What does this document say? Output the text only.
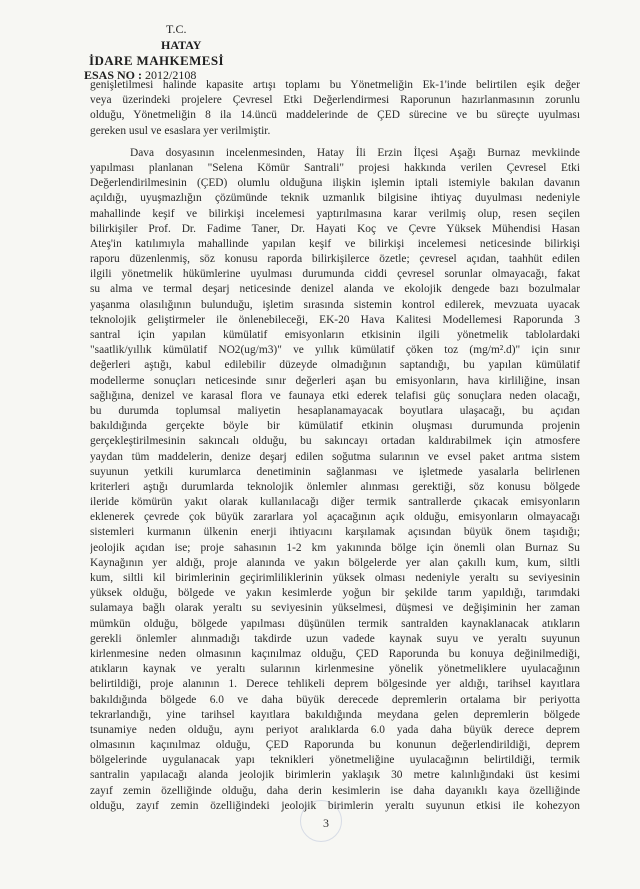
T.C.
HATAY
İDARE MAHKEMESİ
ESAS NO : 2012/2108
genişletilmesi halinde kapasite artışı toplamı bu Yönetmeliğin Ek-1'inde belirtilen eşik değer
veya üzerindeki projelere Çevresel Etki Değerlendirmesi Raporunun hazırlanmasının zorunlu
olduğu, Yönetmeliğin 8 ila 14.üncü maddelerinde de ÇED sürecine ve bu süreçte uyulması
gereken usul ve esaslara yer verilmiştir.
Dava dosyasının incelenmesinden, Hatay İli Erzin İlçesi Aşağı Burnaz mevkiinde
yapılması planlanan "Selena Kömür Santrali" projesi hakkında verilen Çevresel Etki
Değerlendirilmesinin (ÇED) olumlu olduğuna ilişkin işlemin iptali istemiyle bakılan davanın
açıldığı, uyuşmazlığın çözümünde teknik uzmanlık bilgisine ihtiyaç duyulması nedeniyle
mahallinde keşif ve bilirkişi incelemesi yaptırılmasına karar verilmiş olup, resen seçilen
bilirkişiler Prof. Dr. Fadime Taner, Dr. Hayati Koç ve Çevre Yüksek Mühendisi Hasan
Ateş'in katılımıyla mahallinde yapılan keşif ve bilirkişi incelemesi neticesinde bilirkişi
raporu düzenlenmiş, söz konusu raporda bilirkişilerce özetle; çevresel açıdan, taahhüt edilen
ilgili yönetmelik hükümlerine uyulması durumunda ciddi çevresel sorunlar olmayacağı, fakat
su alma ve termal deşarj neticesinde denizel alanda ve ekolojik dengede bazı bozulmalar
yaşanma olasılığının bulunduğu, işletim sırasında sistemin kontrol edilerek, mevzuata uyacak
teknolojik geliştirmeler ile önlenebileceği, EK-20 Hava Kalitesi Modellemesi Raporunda 3
santral için yapılan kümülatif emisyonların etkisinin ilgili yönetmelik tablolardaki
"saatlik/yıllık kümülatif NO2(ug/m3)" ve yıllık kümülatif çöken toz (mg/m².d)" için sınır
değerleri aştığı, kabul edilebilir düzeyde olmadığının saptandığı, bu yapılan kümülatif
modellerme sonuçları neticesinde sınır değerleri aşan bu emisyonların, hava kirliliğine, insan
sağlığına, denizel ve karasal flora ve faunaya etki ederek telafisi güç sonuçlara neden olacağı,
bu durumda toplumsal maliyetin hesaplanamayacak boyutlara ulaşacağı, bu açıdan
bakıldığında gerçekte böyle bir kümülatif etkinin oluşması durumunda projenin
gerçekleştirilmesinin sakıncalı olduğu, bu sakıncayı ortadan kaldırabilmek için atmosfere
yaydan tüm maddelerin, denize deşarj edilen soğutma sularının ve evsel paket arıtma sistem
suyunun yetkili kurumlarca denetiminin sağlanması ve işletmede yasalarla belirlenen
kriterleri aştığı durumlarda teknolojik önlemler alınması gerektiği, söz konusu bölgede
ileride kömürün yakıt olarak kullanılacağı diğer termik santrallerde çıkacak emisyonların
eklenerek çevrede çok büyük zararlara yol açacağının açık olduğu, emisyonların olmayacağı
sistemleri kurmanın ülkenin enerji ihtiyacını karşılamak açısından büyük önem taşıdığı;
jeolojik açıdan ise; proje sahasının 1-2 km yakınında bölge için önemli olan Burnaz Su
Kaynağının yer aldığı, proje alanında ve yakın bölgelerde yer alan çakıllı kum, kum, siltli
kum, siltli kil birimlerinin geçirimliliklerinin yüksek olması nedeniyle yeraltı su seviyesinin
yüksek olduğu, bölgede ve yakın kesimlerde yoğun bir şekilde tarım yapıldığı, tarımdaki
sulamaya bağlı olarak yeraltı su seviyesinin yükselmesi, düşmesi ve değişiminin her zaman
mümkün olduğu, bölgede yapılması düşünülen termik santralden kaynaklanacak atıkların
gerekli önlemler alınmadığı takdirde uzun vadede kaynak suyu ve yeraltı suyunun
kirlenmesine neden olmasının kaçınılmaz olduğu, ÇED Raporunda bu konuya değinilmediği,
atıkların kaynak ve yeraltı sularının kirlenmesine yönelik yönetmeliklere uyulacağının
belirtildiği, proje alanının 1. Derece tehlikeli deprem bölgesinde yer aldığı, tarihsel kayıtlara
bakıldığında bölgede 6.0 ve daha büyük derecede depremlerin ortalama bir periyotta
tekrarlandığı, yine tarihsel kayıtlara bakıldığında meydana gelen depremlerin bölgede
tsunamiye neden olduğu, aynı periyot aralıklarda 6.0 yada daha büyük derece deprem
olmasının kaçınılmaz olduğu, ÇED Raporunda bu konunun değerlendirildiği, deprem
bölgelerinde uygulanacak yapı teknikleri yönetmeliğine uyulacağının belirtildiği, termik
santralin yapılacağı alanda jeolojik birimlerin yaklaşık 30 metre kalınlığındaki üst kesimi
zayıf zemin özelliğinde olduğu, daha derin kesimlerin ise daha dayanıklı kaya özelliğinde
olduğu, zayıf zemin özelliğindeki jeolojik birimlerin yeraltı suyunun etkisi ile kohezyon
3
